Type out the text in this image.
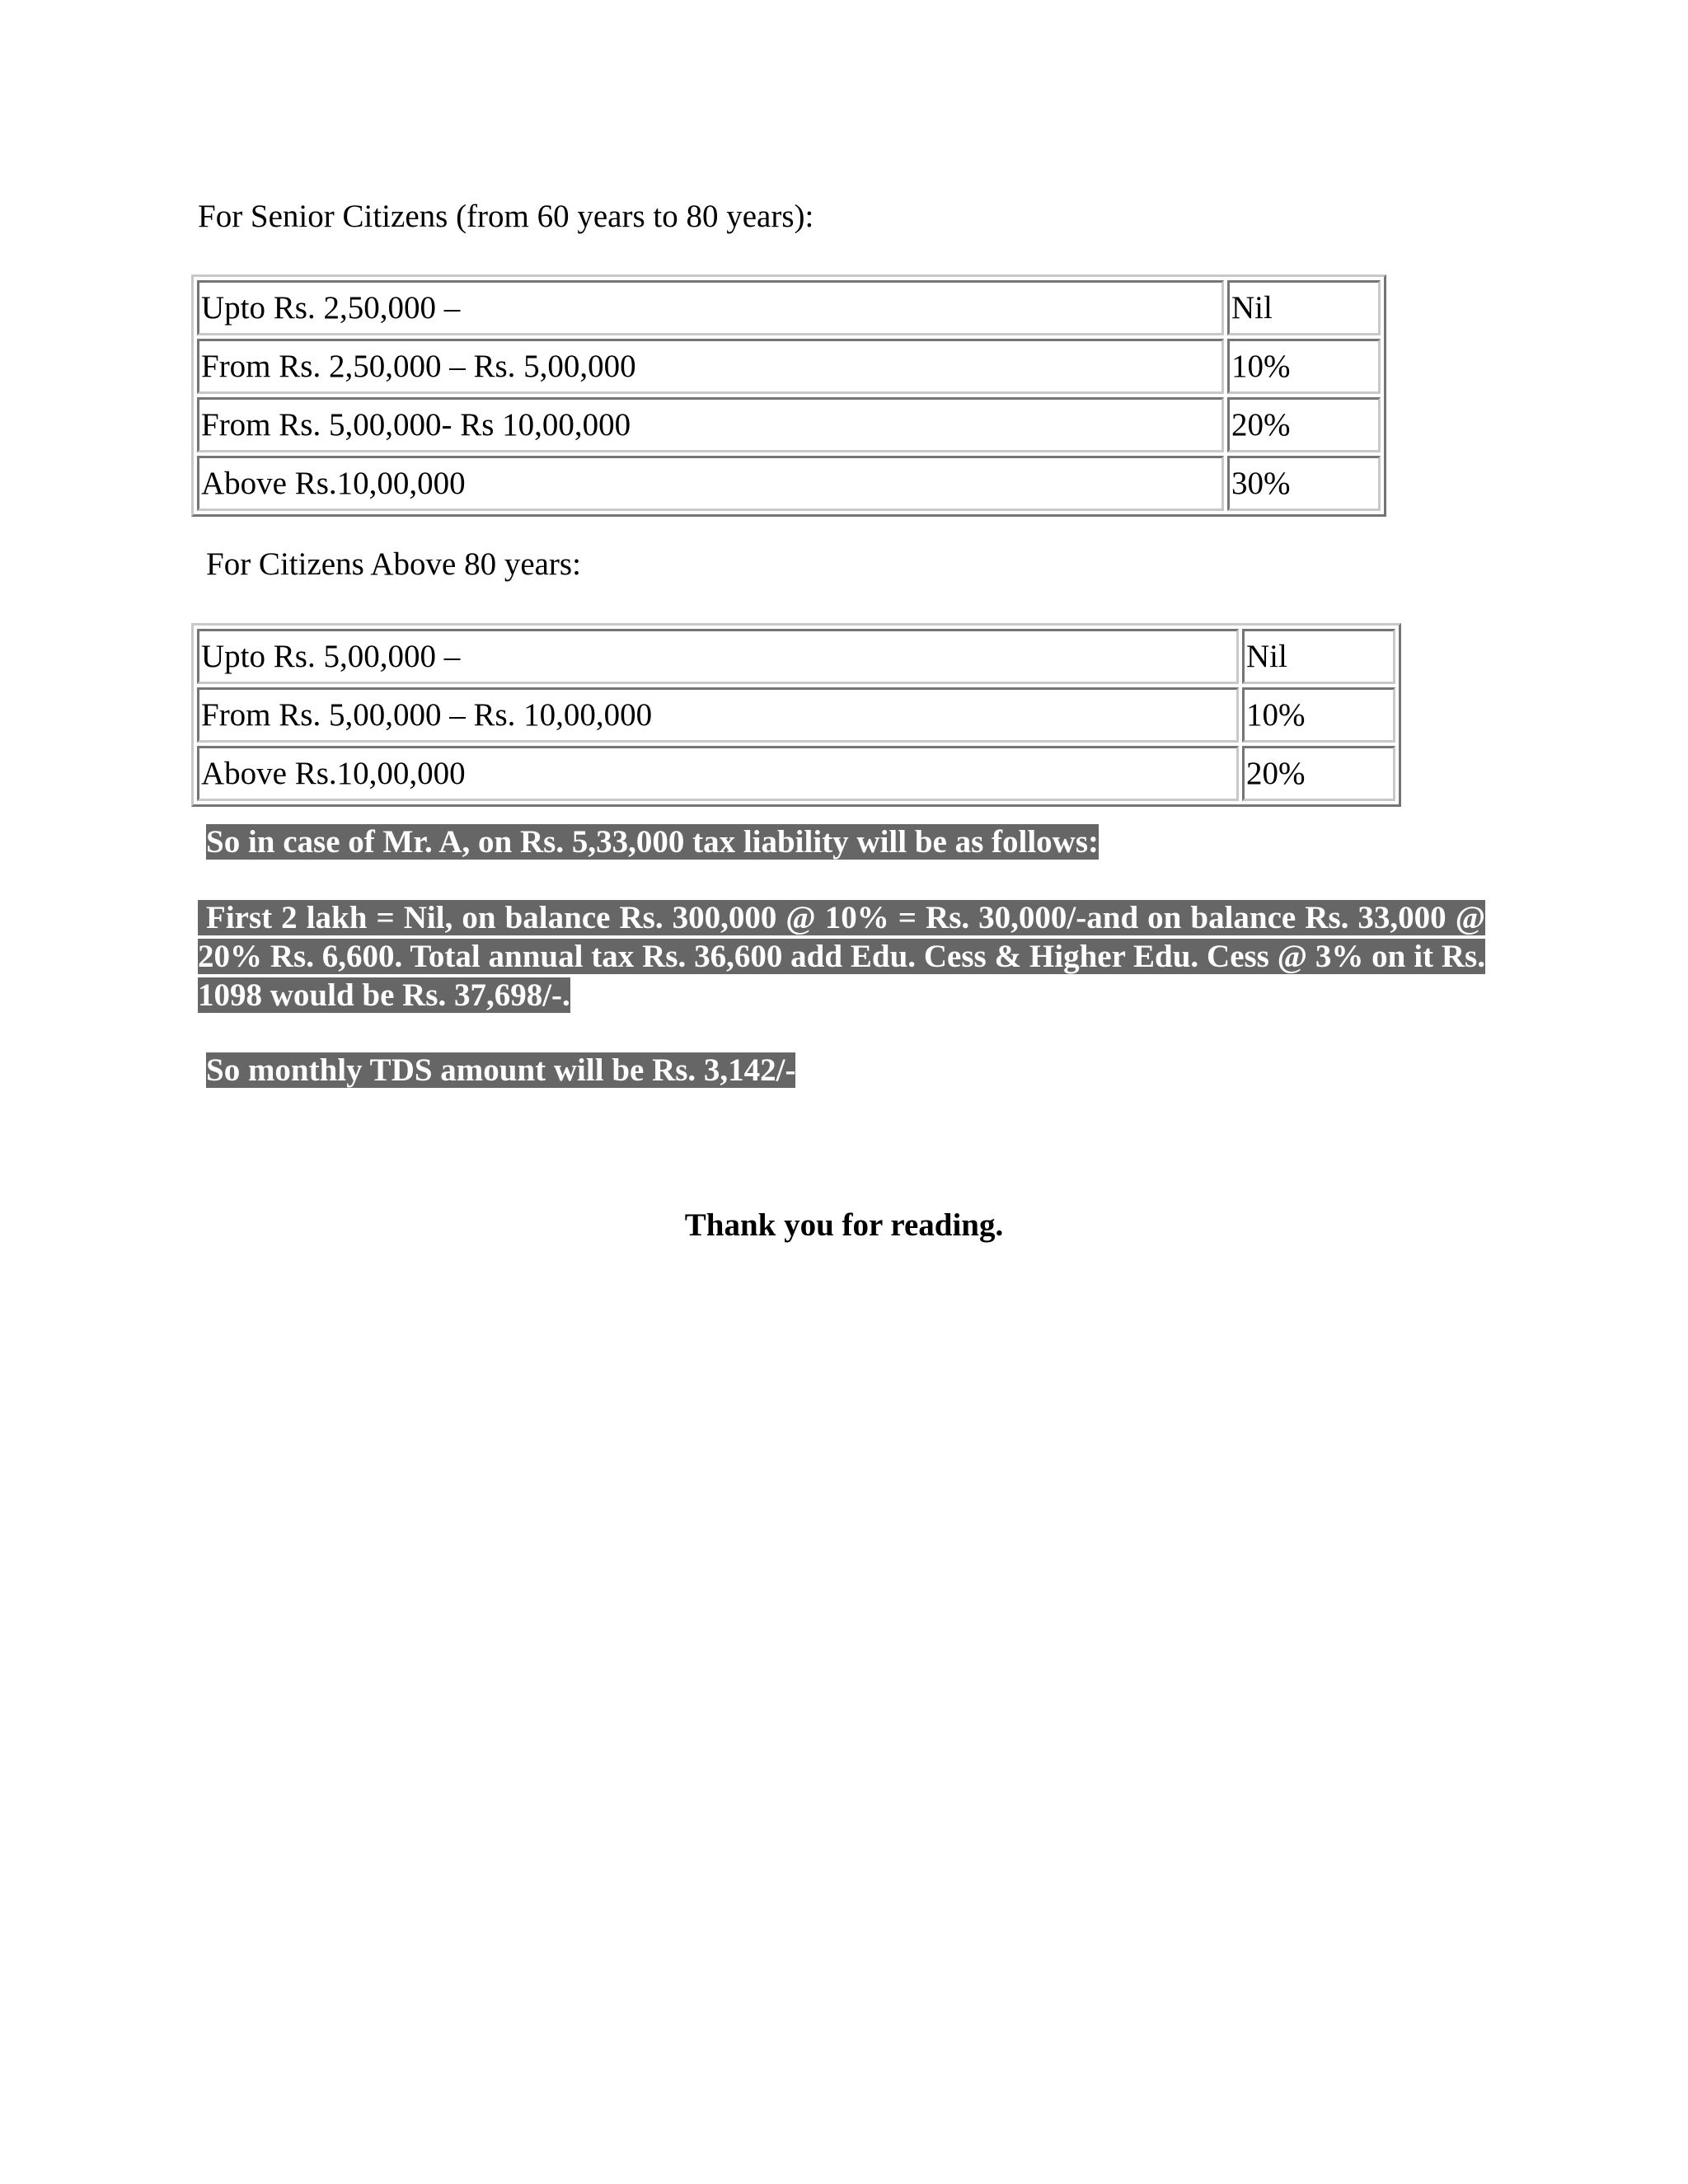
For Senior Citizens (from 60 years to 80 years):
Upto Rs. 2,50,000 –	Nil
From Rs. 2,50,000 – Rs. 5,00,000	10%
From Rs. 5,00,000- Rs 10,00,000	20%
Above Rs.10,00,000	30%
For Citizens Above 80 years:
Upto Rs. 5,00,000 –	Nil
From Rs. 5,00,000 – Rs. 10,00,000	10%
Above Rs.10,00,000	20%
So in case of Mr. A, on Rs. 5,33,000 tax liability will be as follows:
First 2 lakh = Nil, on balance Rs. 300,000 @ 10% = Rs. 30,000/-and on balance Rs. 33,000 @ 20% Rs. 6,600. Total annual tax Rs. 36,600 add Edu. Cess & Higher Edu. Cess @ 3% on it Rs. 1098 would be Rs. 37,698/-.
So monthly TDS amount will be Rs. 3,142/-
Thank you for reading.
